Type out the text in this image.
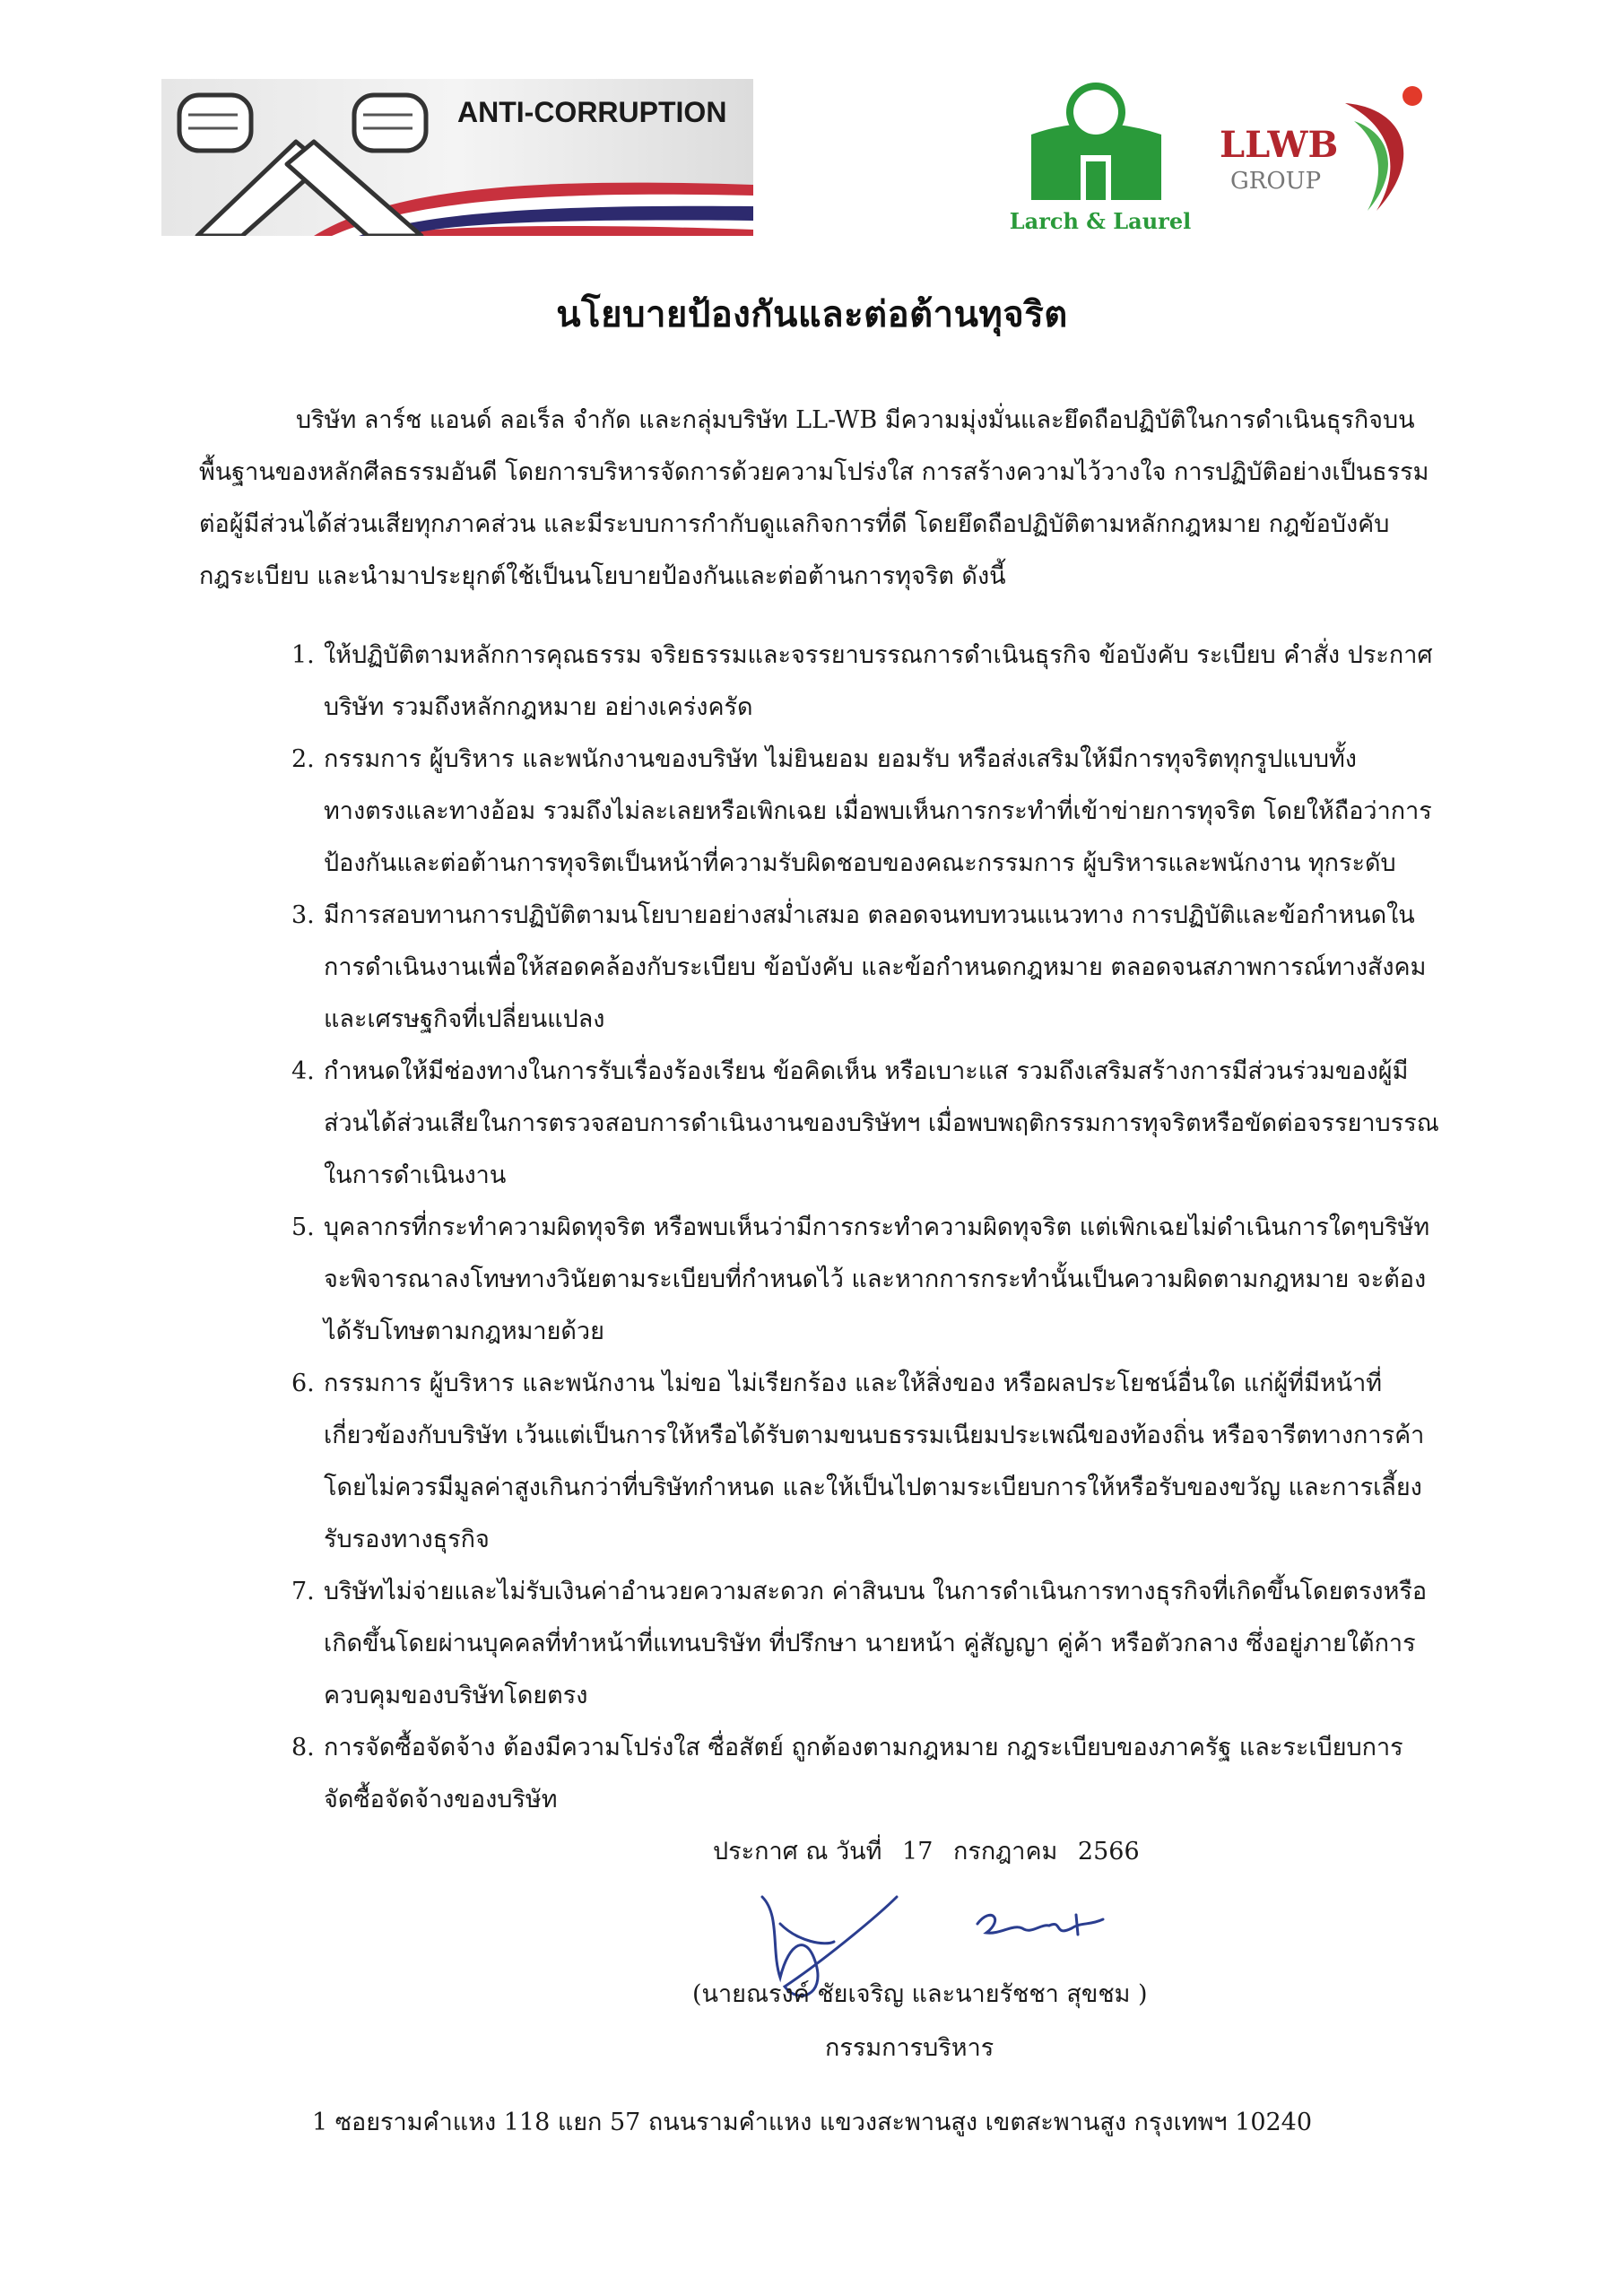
ANTI-CORRUPTION
Larch & Laurel
LLWB
GROUP
นโยบายป้องกันและต่อต้านทุจริต
บริษัท ลาร์ช แอนด์ ลอเร็ล จำกัด และกลุ่มบริษัท LL-WB มีความมุ่งมั่นและยึดถือปฏิบัติในการดำเนินธุรกิจบน
พื้นฐานของหลักศีลธรรมอันดี โดยการบริหารจัดการด้วยความโปร่งใส การสร้างความไว้วางใจ การปฏิบัติอย่างเป็นธรรม
ต่อผู้มีส่วนได้ส่วนเสียทุกภาคส่วน และมีระบบการกำกับดูแลกิจการที่ดี โดยยึดถือปฏิบัติตามหลักกฎหมาย กฎข้อบังคับ
กฎระเบียบ และนำมาประยุกต์ใช้เป็นนโยบายป้องกันและต่อต้านการทุจริต ดังนี้
1. ให้ปฏิบัติตามหลักการคุณธรรม จริยธรรมและจรรยาบรรณการดำเนินธุรกิจ ข้อบังคับ ระเบียบ คำสั่ง ประกาศ
บริษัท รวมถึงหลักกฎหมาย อย่างเคร่งครัด
2. กรรมการ ผู้บริหาร และพนักงานของบริษัท ไม่ยินยอม ยอมรับ หรือส่งเสริมให้มีการทุจริตทุกรูปแบบทั้ง
ทางตรงและทางอ้อม รวมถึงไม่ละเลยหรือเพิกเฉย เมื่อพบเห็นการกระทำที่เข้าข่ายการทุจริต โดยให้ถือว่าการ
ป้องกันและต่อต้านการทุจริตเป็นหน้าที่ความรับผิดชอบของคณะกรรมการ ผู้บริหารและพนักงาน ทุกระดับ
3. มีการสอบทานการปฏิบัติตามนโยบายอย่างสม่ำเสมอ ตลอดจนทบทวนแนวทาง การปฏิบัติและข้อกำหนดใน
การดำเนินงานเพื่อให้สอดคล้องกับระเบียบ ข้อบังคับ และข้อกำหนดกฎหมาย ตลอดจนสภาพการณ์ทางสังคม
และเศรษฐกิจที่เปลี่ยนแปลง
4. กำหนดให้มีช่องทางในการรับเรื่องร้องเรียน ข้อคิดเห็น หรือเบาะแส รวมถึงเสริมสร้างการมีส่วนร่วมของผู้มี
ส่วนได้ส่วนเสียในการตรวจสอบการดำเนินงานของบริษัทฯ เมื่อพบพฤติกรรมการทุจริตหรือขัดต่อจรรยาบรรณ
ในการดำเนินงาน
5. บุคลากรที่กระทำความผิดทุจริต หรือพบเห็นว่ามีการกระทำความผิดทุจริต แต่เพิกเฉยไม่ดำเนินการใดๆบริษัท
จะพิจารณาลงโทษทางวินัยตามระเบียบที่กำหนดไว้ และหากการกระทำนั้นเป็นความผิดตามกฎหมาย จะต้อง
ได้รับโทษตามกฎหมายด้วย
6. กรรมการ ผู้บริหาร และพนักงาน ไม่ขอ ไม่เรียกร้อง และให้สิ่งของ หรือผลประโยชน์อื่นใด แก่ผู้ที่มีหน้าที่
เกี่ยวข้องกับบริษัท เว้นแต่เป็นการให้หรือได้รับตามขนบธรรมเนียมประเพณีของท้องถิ่น หรือจารีตทางการค้า
โดยไม่ควรมีมูลค่าสูงเกินกว่าที่บริษัทกำหนด และให้เป็นไปตามระเบียบการให้หรือรับของขวัญ และการเลี้ยง
รับรองทางธุรกิจ
7. บริษัทไม่จ่ายและไม่รับเงินค่าอำนวยความสะดวก ค่าสินบน ในการดำเนินการทางธุรกิจที่เกิดขึ้นโดยตรงหรือ
เกิดขึ้นโดยผ่านบุคคลที่ทำหน้าที่แทนบริษัท ที่ปรึกษา นายหน้า คู่สัญญา คู่ค้า หรือตัวกลาง ซึ่งอยู่ภายใต้การ
ควบคุมของบริษัทโดยตรง
8. การจัดซื้อจัดจ้าง ต้องมีความโปร่งใส ซื่อสัตย์ ถูกต้องตามกฎหมาย กฎระเบียบของภาครัฐ และระเบียบการ
จัดซื้อจัดจ้างของบริษัท
ประกาศ ณ วันที่ 17 กรกฎาคม 2566
(นายณรงค์ ชัยเจริญ และนายรัชชา สุขชม )
กรรมการบริหาร
1 ซอยรามคำแหง 118 แยก 57 ถนนรามคำแหง แขวงสะพานสูง เขตสะพานสูง กรุงเทพฯ 10240
